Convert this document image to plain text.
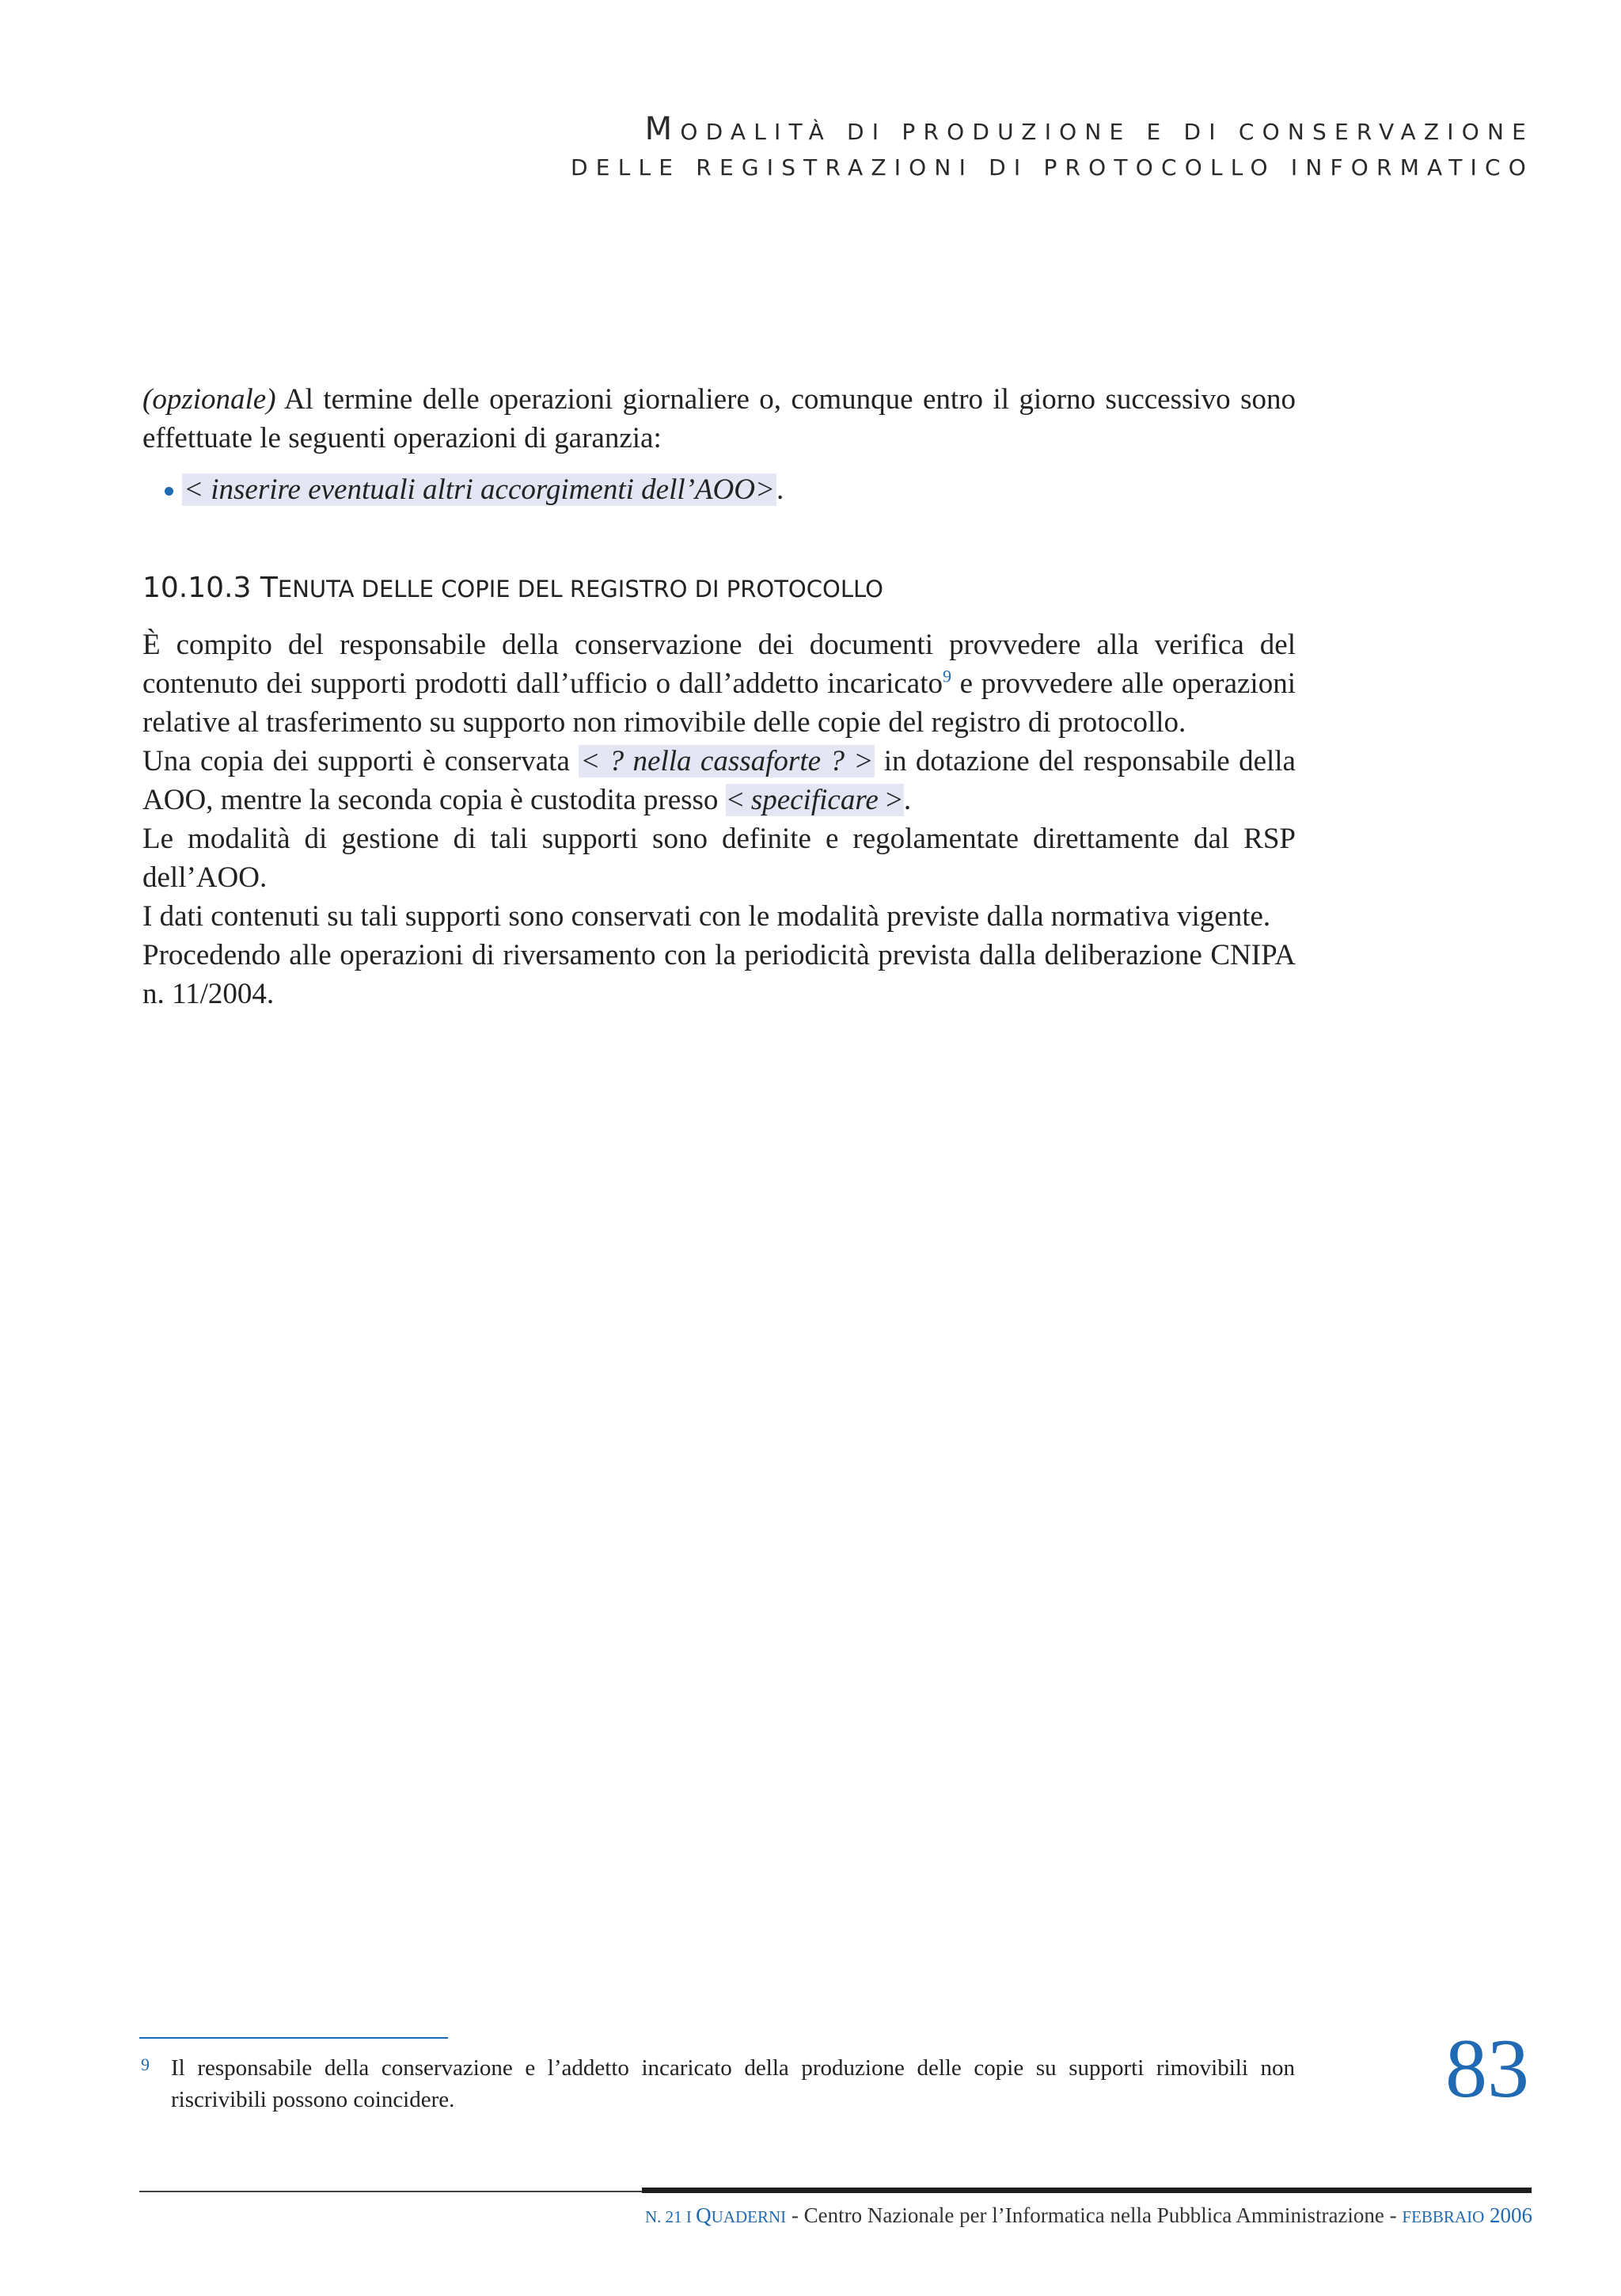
MODALITÀ DI PRODUZIONE E DI CONSERVAZIONE
DELLE REGISTRAZIONI DI PROTOCOLLO INFORMATICO

(opzionale) Al termine delle operazioni giornaliere o, comunque entro il giorno successivo sono effettuate le seguenti operazioni di garanzia:

< inserire eventuali altri accorgimenti dell’AOO>.
10.10.3 TENUTA DELLE COPIE DEL REGISTRO DI PROTOCOLLO

È compito del responsabile della conservazione dei documenti provvedere alla verifica del contenuto dei supporti prodotti dall’ufficio o dall’addetto incaricato$^9$ e provvedere alle operazioni relative al trasferimento su supporto non rimovibile delle copie del registro di protocollo.

Una copia dei supporti è conservata < ? nella cassaforte ? > in dotazione del responsabile della AOO, mentre la seconda copia è custodita presso < specificare >.

Le modalità di gestione di tali supporti sono definite e regolamentate direttamente dal RSP dell’AOO.

I dati contenuti su tali supporti sono conservati con le modalità previste dalla normativa vigente.

Procedendo alle operazioni di riversamento con la periodicità prevista dalla deliberazione CNIPA n. 11/2004.

9 Il responsabile della conservazione e l’addetto incaricato della produzione delle copie su supporti rimovibili non riscrivibili possono coincidere.	83
N. 21 I QUADERNI - Centro Nazionale per l’Informatica nella Pubblica Amministrazione - FEBBRAIO 2006
